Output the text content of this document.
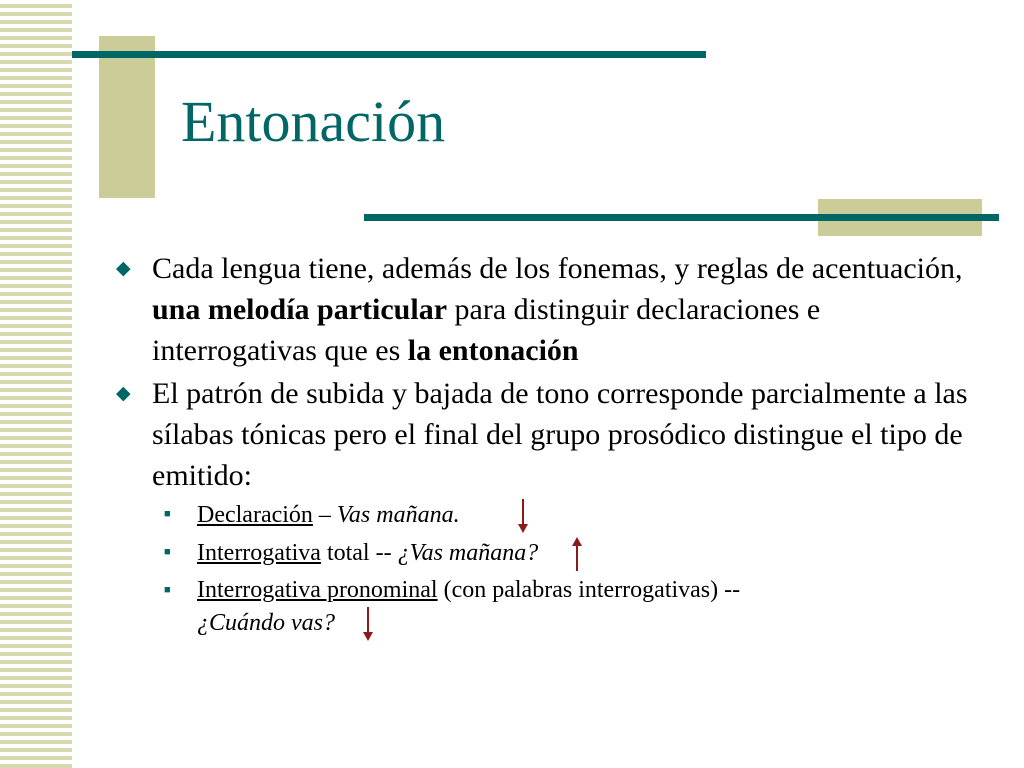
Entonación

◆ Cada lengua tiene, además de los fonemas, y reglas de acentuación, una melodía particular para distinguir declaraciones e interrogativas que es la entonación

◆ El patrón de subida y bajada de tono corresponde parcialmente a las sílabas tónicas pero el final del grupo prosódico distingue el tipo de emitido:

■ Declaración – Vas mañana.

■ Interrogativa total -- ¿Vas mañana?

■ Interrogativa pronominal (con palabras interrogativas) --
¿Cuándo vas?
